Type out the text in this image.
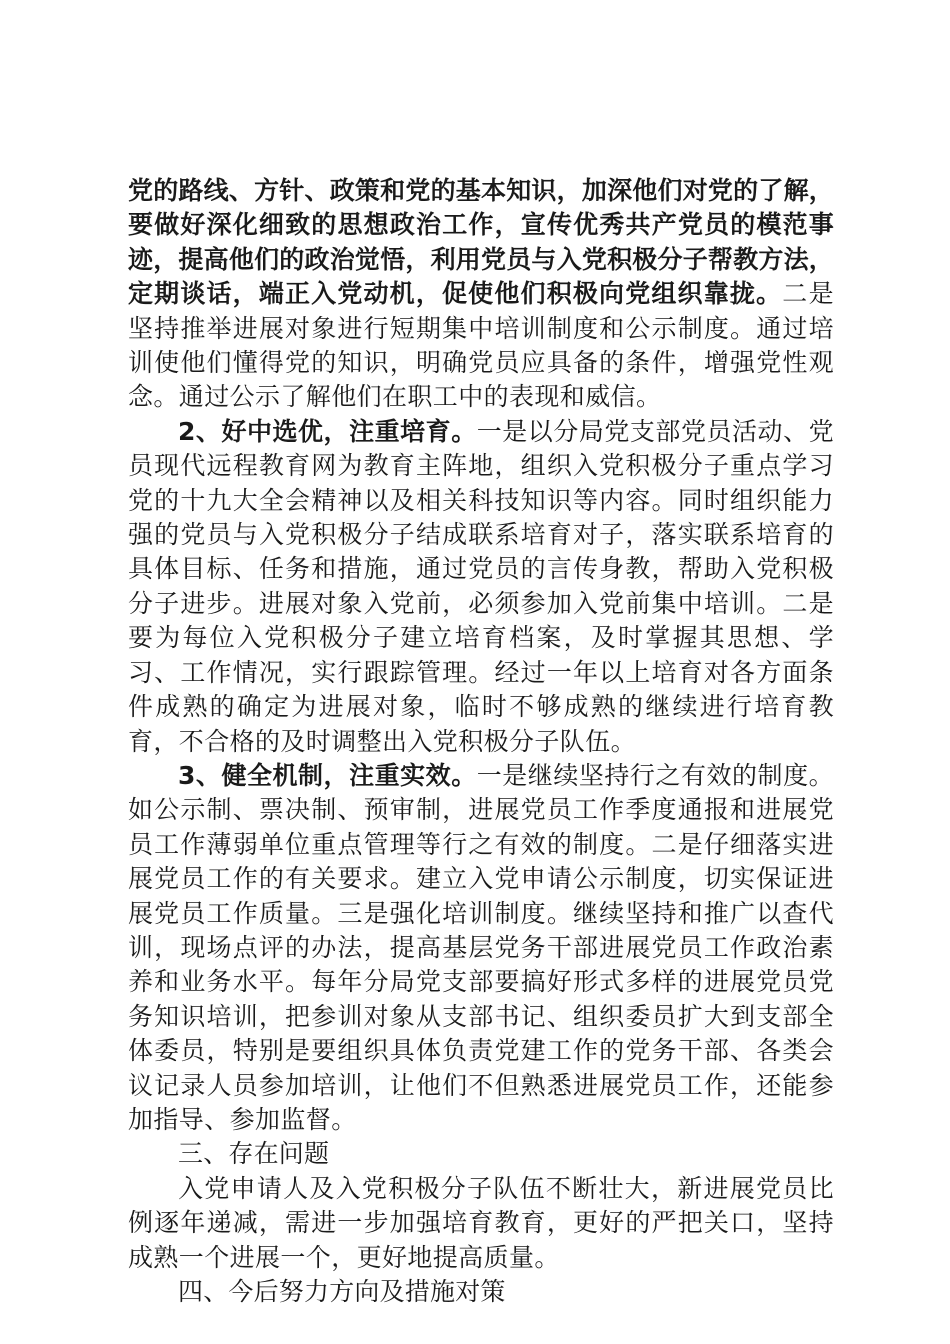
党的路线、方针、政策和党的基本知识，加深他们对党的了解，要做好深化细致的思想政治工作，宣传优秀共产党员的模范事迹，提高他们的政治觉悟，利用党员与入党积极分子帮教方法，定期谈话，端正入党动机，促使他们积极向党组织靠拢。二是坚持推举进展对象进行短期集中培训制度和公示制度。通过培训使他们懂得党的知识，明确党员应具备的条件，增强党性观念。通过公示了解他们在职工中的表现和威信。

2、好中选优，注重培育。一是以分局党支部党员活动、党员现代远程教育网为教育主阵地，组织入党积极分子重点学习党的十九大全会精神以及相关科技知识等内容。同时组织能力强的党员与入党积极分子结成联系培育对子，落实联系培育的具体目标、任务和措施，通过党员的言传身教，帮助入党积极分子进步。进展对象入党前，必须参加入党前集中培训。二是要为每位入党积极分子建立培育档案，及时掌握其思想、学习、工作情况，实行跟踪管理。经过一年以上培育对各方面条件成熟的确定为进展对象，临时不够成熟的继续进行培育教育，不合格的及时调整出入党积极分子队伍。

3、健全机制，注重实效。一是继续坚持行之有效的制度。如公示制、票决制、预审制，进展党员工作季度通报和进展党员工作薄弱单位重点管理等行之有效的制度。二是仔细落实进展党员工作的有关要求。建立入党申请公示制度，切实保证进展党员工作质量。三是强化培训制度。继续坚持和推广以查代训，现场点评的办法，提高基层党务干部进展党员工作政治素养和业务水平。每年分局党支部要搞好形式多样的进展党员党务知识培训，把参训对象从支部书记、组织委员扩大到支部全体委员，特别是要组织具体负责党建工作的党务干部、各类会议记录人员参加培训，让他们不但熟悉进展党员工作，还能参加指导、参加监督。

三、存在问题

入党申请人及入党积极分子队伍不断壮大，新进展党员比例逐年递减，需进一步加强培育教育，更好的严把关口，坚持成熟一个进展一个，更好地提高质量。

四、今后努力方向及措施对策
